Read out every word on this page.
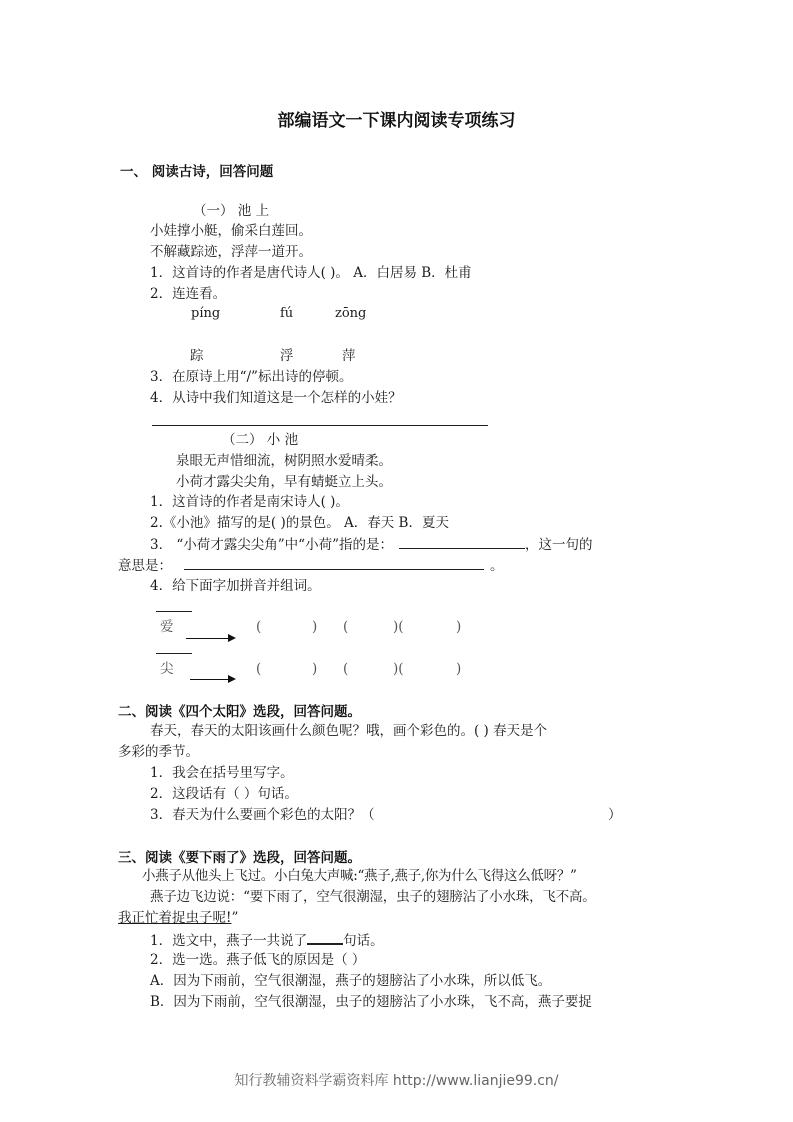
部编语文一下课内阅读专项练习
一、 阅读古诗，回答问题
（一） 池 上
小娃撑小艇，偷采白莲回。
不解藏踪迹，浮萍一道开。
1．这首诗的作者是唐代诗人( )。 A．白居易 B．杜甫
2．连连看。
píng	fú	zōng
踪	浮	萍
3．在原诗上用“/”标出诗的停顿。
4．从诗中我们知道这是一个怎样的小娃？
（二） 小 池
泉眼无声惜细流，树阴照水爱晴柔。
小荷才露尖尖角，早有蜻蜓立上头。
1．这首诗的作者是南宋诗人( )。
2.《小池》描写的是( )的景色。 A．春天 B．夏天
3． “小荷才露尖尖角”中“小荷”指的是：	，这一句的
意思是：	。
4．给下面字加拼音并组词。
爱	(	) (	)(	)
尖	(	) (	)(	)
二、阅读《四个太阳》选段，回答问题。
春天，春天的太阳该画什么颜色呢？哦，画个彩色的。( ) 春天是个
多彩的季节。
1．我会在括号里写字。
2．这段话有（ ）句话。
3．春天为什么要画个彩色的太阳？（	）
三、阅读《要下雨了》选段，回答问题。
小燕子从他头上飞过。小白兔大声喊:“燕子,燕子,你为什么飞得这么低呀？”
燕子边飞边说：“要下雨了，空气很潮湿，虫子的翅膀沾了小水珠，飞不高。
我正忙着捉虫子呢!”
1．选文中，燕子一共说了	句话。
2．选一选。燕子低飞的原因是（ ）
A．因为下雨前，空气很潮湿，燕子的翅膀沾了小水珠，所以低飞。
B．因为下雨前，空气很潮湿，虫子的翅膀沾了小水珠，飞不高，燕子要捉
知行教辅资料学霸资料库 http://www.lianjie99.cn/
